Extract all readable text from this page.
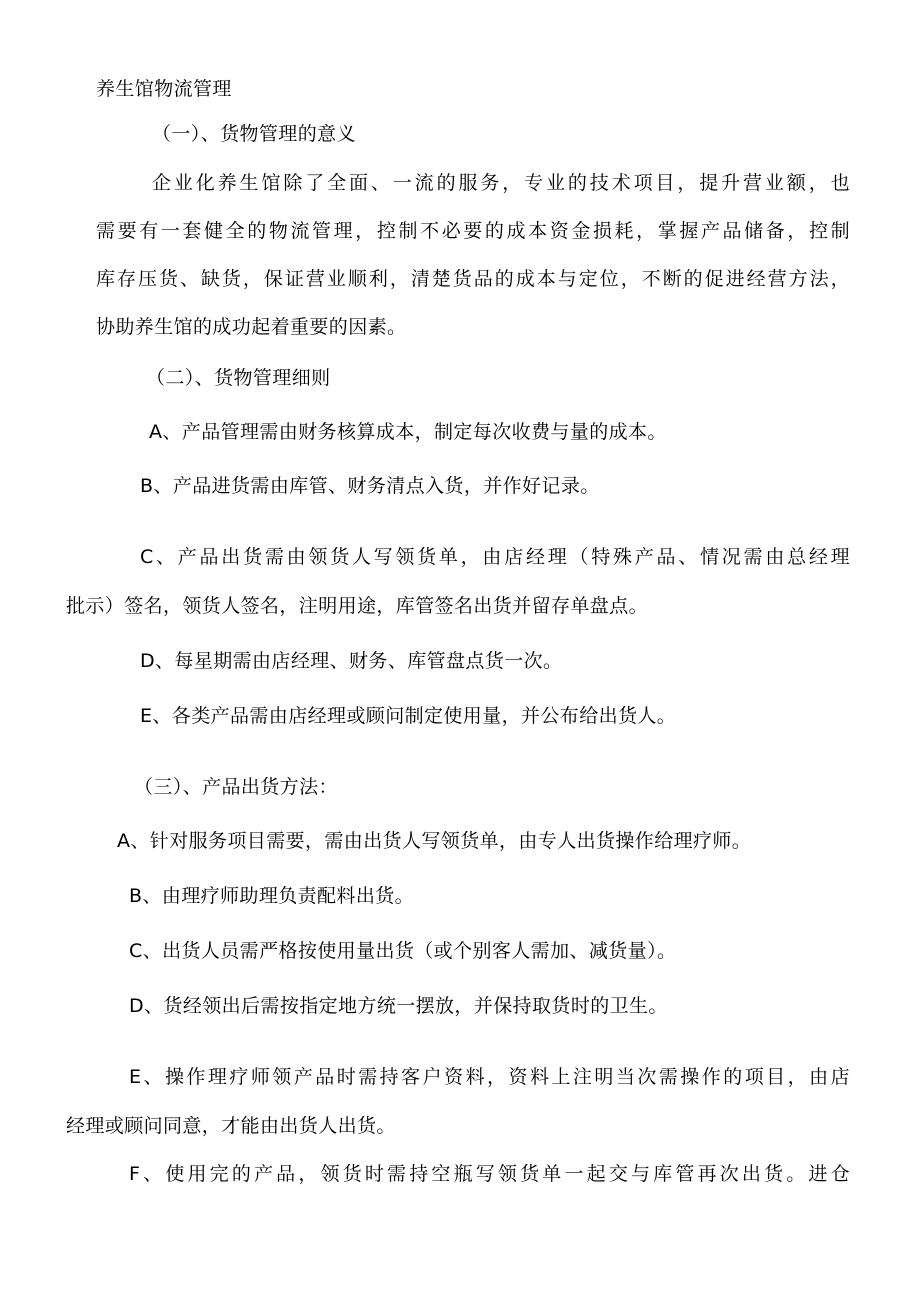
养生馆物流管理
（一）、货物管理的意义
企业化养生馆除了全面、一流的服务，专业的技术项目，提升营业额，也
需要有一套健全的物流管理，控制不必要的成本资金损耗，掌握产品储备，控制
库存压货、缺货，保证营业顺利，清楚货品的成本与定位，不断的促进经营方法，
协助养生馆的成功起着重要的因素。
（二）、货物管理细则
A、产品管理需由财务核算成本，制定每次收费与量的成本。
B、产品进货需由库管、财务清点入货，并作好记录。
C、产品出货需由领货人写领货单，由店经理（特殊产品、情况需由总经理
批示）签名，领货人签名，注明用途，库管签名出货并留存单盘点。
D、每星期需由店经理、财务、库管盘点货一次。
E、各类产品需由店经理或顾问制定使用量，并公布给出货人。
（三）、产品出货方法：
A、针对服务项目需要，需由出货人写领货单，由专人出货操作给理疗师。
B、由理疗师助理负责配料出货。
C、出货人员需严格按使用量出货（或个别客人需加、减货量）。
D、货经领出后需按指定地方统一摆放，并保持取货时的卫生。
E、操作理疗师领产品时需持客户资料，资料上注明当次需操作的项目，由店
经理或顾问同意，才能由出货人出货。
F、使用完的产品，领货时需持空瓶写领货单一起交与库管再次出货。进仓
